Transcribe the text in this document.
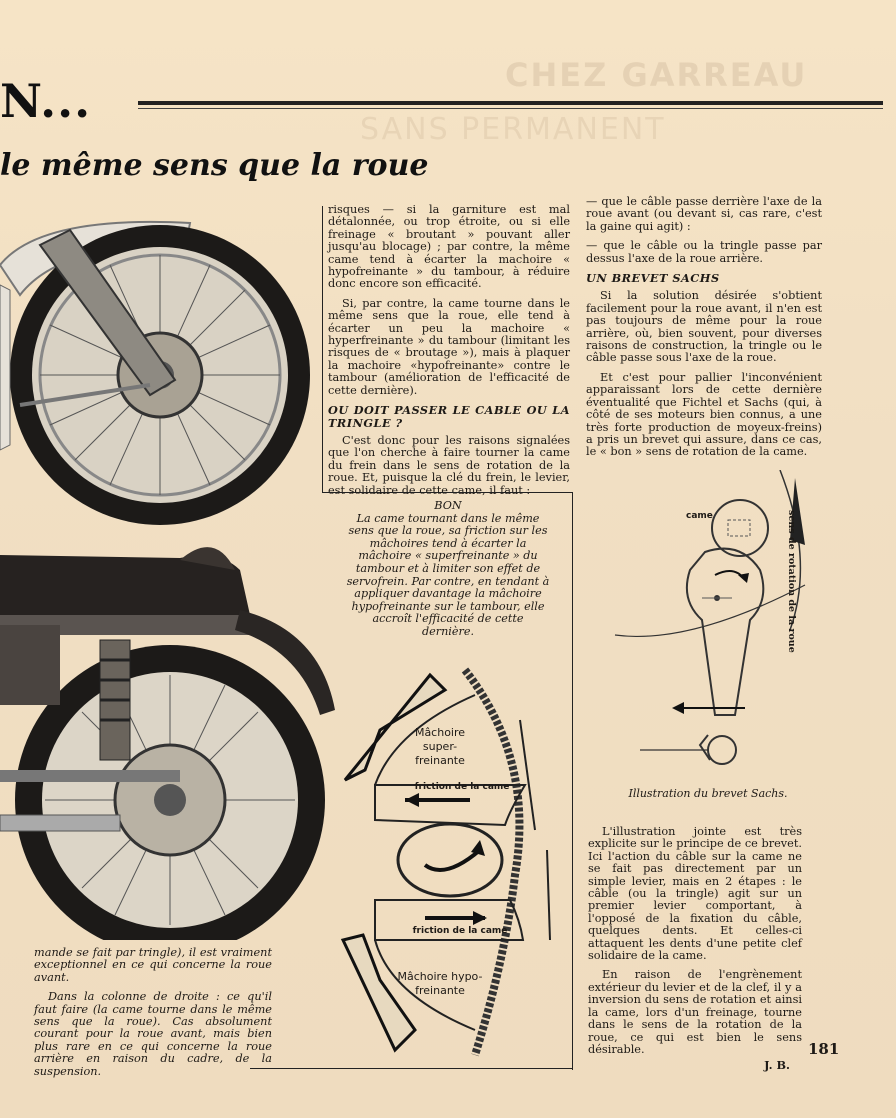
CHEZ GARREAU
SANS PERMANENT
N...
le même sens que la roue

risques — si la garniture est mal détalonnée, ou trop étroite, ou si elle freinage « broutant » pouvant aller jusqu'au blocage) ; par contre, la même came tend à écarter la machoire « hypofreinante » du tambour, à réduire donc encore son efficacité.

Si, par contre, la came tourne dans le même sens que la roue, elle tend à écarter un peu la machoire « hyperfreinante » du tambour (limitant les risques de « broutage »), mais à plaquer la machoire «hypofreinante» contre le tambour (amélioration de l'efficacité de cette dernière).

OU DOIT PASSER LE CABLE OU LA TRINGLE ?

C'est donc pour les raisons signalées que l'on cherche à faire tourner la came du frein dans le sens de rotation de la roue. Et, puisque la clé du frein, le levier, est solidaire de cette came, il faut :

BON
La came tournant dans le même sens que la roue, sa friction sur les mâchoires tend à écarter la mâchoire « superfreinante » du tambour et à limiter son effet de servofrein. Par contre, en tendant à appliquer davantage la mâchoire hypofreinante sur le tambour, elle accroît l'efficacité de cette dernière.
Mâchoire super-freinante
friction de la came
friction de la came
Mâchoire hypo-freinante

— que le câble passe derrière l'axe de la roue avant (ou devant si, cas rare, c'est la gaine qui agit) :

— que le câble ou la tringle passe par dessus l'axe de la roue arrière.

UN BREVET SACHS

Si la solution désirée s'obtient facilement pour la roue avant, il n'en est pas toujours de même pour la roue arrière, où, bien souvent, pour diverses raisons de construction, la tringle ou le câble passe sous l'axe de la roue.

Et c'est pour pallier l'inconvénient apparaissant lors de cette dernière éventualité que Fichtel et Sachs (qui, à côté de ses moteurs bien connus, a une très forte production de moyeux-freins) a pris un brevet qui assure, dans ce cas, le « bon » sens de rotation de la came.

came	sens de rotation de la roue
Illustration du brevet Sachs.

L'illustration jointe est très explicite sur le principe de ce brevet. Ici l'action du câble sur la came ne se fait pas directement par un simple levier, mais en 2 étapes : le câble (ou la tringle) agit sur un premier levier comportant, à l'opposé de la fixation du câble, quelques dents. Et celles-ci attaquent les dents d'une petite clef solidaire de la came.

En raison de l'engrènement extérieur du levier et de la clef, il y a inversion du sens de rotation et ainsi la came, lors d'un freinage, tourne dans le sens de la rotation de la roue, ce qui est bien le sens désirable.

J. B.

mande se fait par tringle), il est vraiment exceptionnel en ce qui concerne la roue avant.

Dans la colonne de droite : ce qu'il faut faire (la came tourne dans le même sens que la roue). Cas absolument courant pour la roue avant, mais bien plus rare en ce qui concerne la roue arrière en raison du cadre, de la suspension.

181
